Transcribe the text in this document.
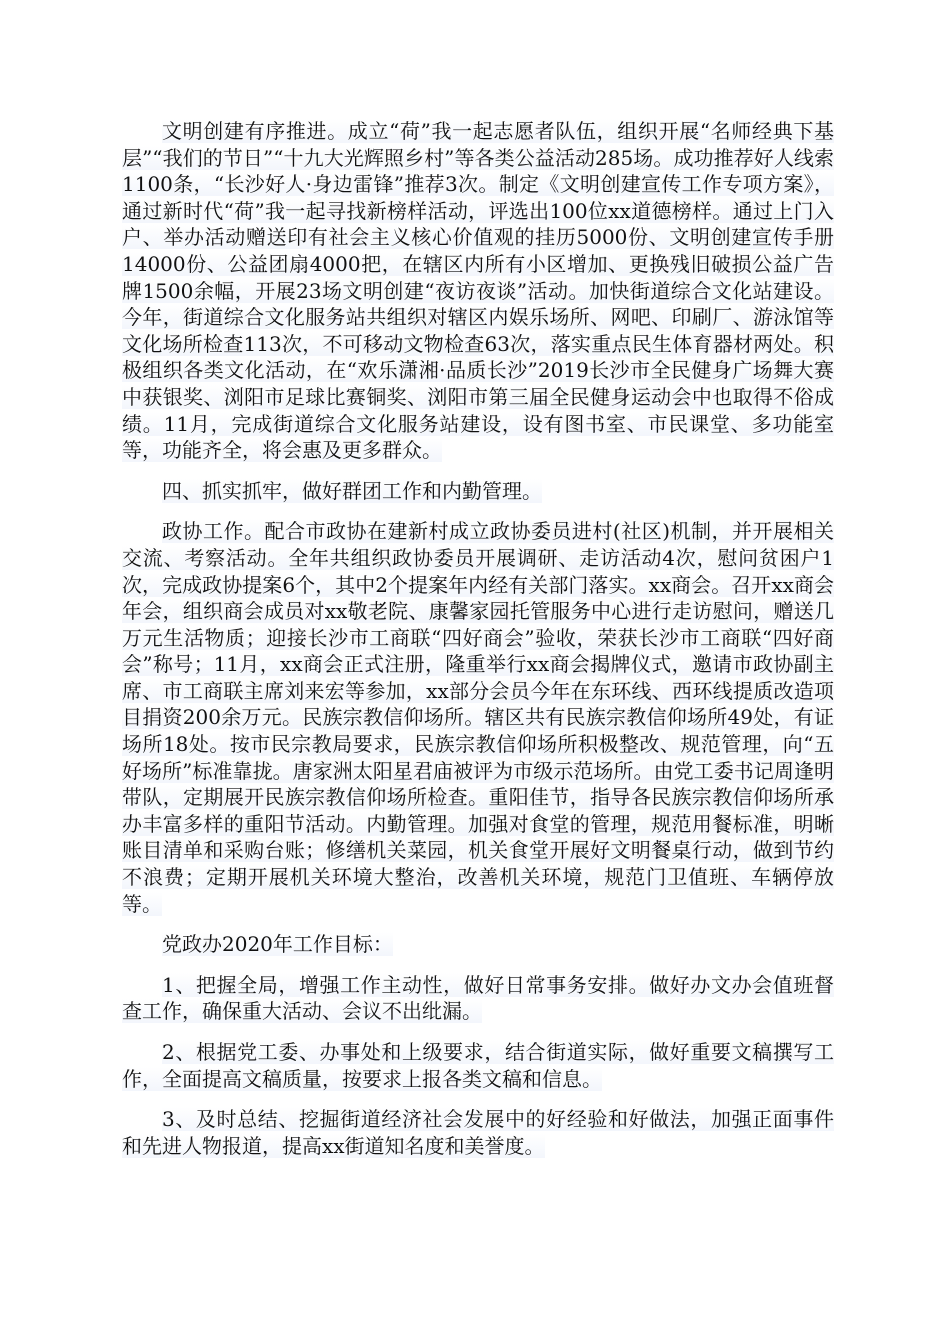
文明创建有序推进。成立“荷”我一起志愿者队伍，组织开展“名师经典下基层”“我们的节日”“十九大光辉照乡村”等各类公益活动285场。成功推荐好人线索1100条，“长沙好人·身边雷锋”推荐3次。制定《文明创建宣传工作专项方案》，通过新时代“荷”我一起寻找新榜样活动，评选出100位xx道德榜样。通过上门入户、举办活动赠送印有社会主义核心价值观的挂历5000份、文明创建宣传手册14000份、公益团扇4000把，在辖区内所有小区增加、更换残旧破损公益广告牌1500余幅，开展23场文明创建“夜访夜谈”活动。加快街道综合文化站建设。今年，街道综合文化服务站共组织对辖区内娱乐场所、网吧、印刷厂、游泳馆等文化场所检查113次，不可移动文物检查63次，落实重点民生体育器材两处。积极组织各类文化活动，在“欢乐潇湘·品质长沙”2019长沙市全民健身广场舞大赛中获银奖、浏阳市足球比赛铜奖、浏阳市第三届全民健身运动会中也取得不俗成绩。11月，完成街道综合文化服务站建设，设有图书室、市民课堂、多功能室等，功能齐全，将会惠及更多群众。

四、抓实抓牢，做好群团工作和内勤管理。

政协工作。配合市政协在建新村成立政协委员进村(社区)机制，并开展相关交流、考察活动。全年共组织政协委员开展调研、走访活动4次，慰问贫困户1次，完成政协提案6个，其中2个提案年内经有关部门落实。xx商会。召开xx商会年会，组织商会成员对xx敬老院、康馨家园托管服务中心进行走访慰问，赠送几万元生活物质；迎接长沙市工商联“四好商会”验收，荣获长沙市工商联“四好商会”称号；11月，xx商会正式注册，隆重举行xx商会揭牌仪式，邀请市政协副主席、市工商联主席刘来宏等参加，xx部分会员今年在东环线、西环线提质改造项目捐资200余万元。民族宗教信仰场所。辖区共有民族宗教信仰场所49处，有证场所18处。按市民宗教局要求，民族宗教信仰场所积极整改、规范管理，向“五好场所”标准靠拢。唐家洲太阳星君庙被评为市级示范场所。由党工委书记周逢明带队，定期展开民族宗教信仰场所检查。重阳佳节，指导各民族宗教信仰场所承办丰富多样的重阳节活动。内勤管理。加强对食堂的管理，规范用餐标准，明晰账目清单和采购台账；修缮机关菜园，机关食堂开展好文明餐桌行动，做到节约不浪费；定期开展机关环境大整治，改善机关环境，规范门卫值班、车辆停放等。

党政办2020年工作目标：

1、把握全局，增强工作主动性，做好日常事务安排。做好办文办会值班督查工作，确保重大活动、会议不出纰漏。

2、根据党工委、办事处和上级要求，结合街道实际，做好重要文稿撰写工作，全面提高文稿质量，按要求上报各类文稿和信息。

3、及时总结、挖掘街道经济社会发展中的好经验和好做法，加强正面事件和先进人物报道，提高xx街道知名度和美誉度。
